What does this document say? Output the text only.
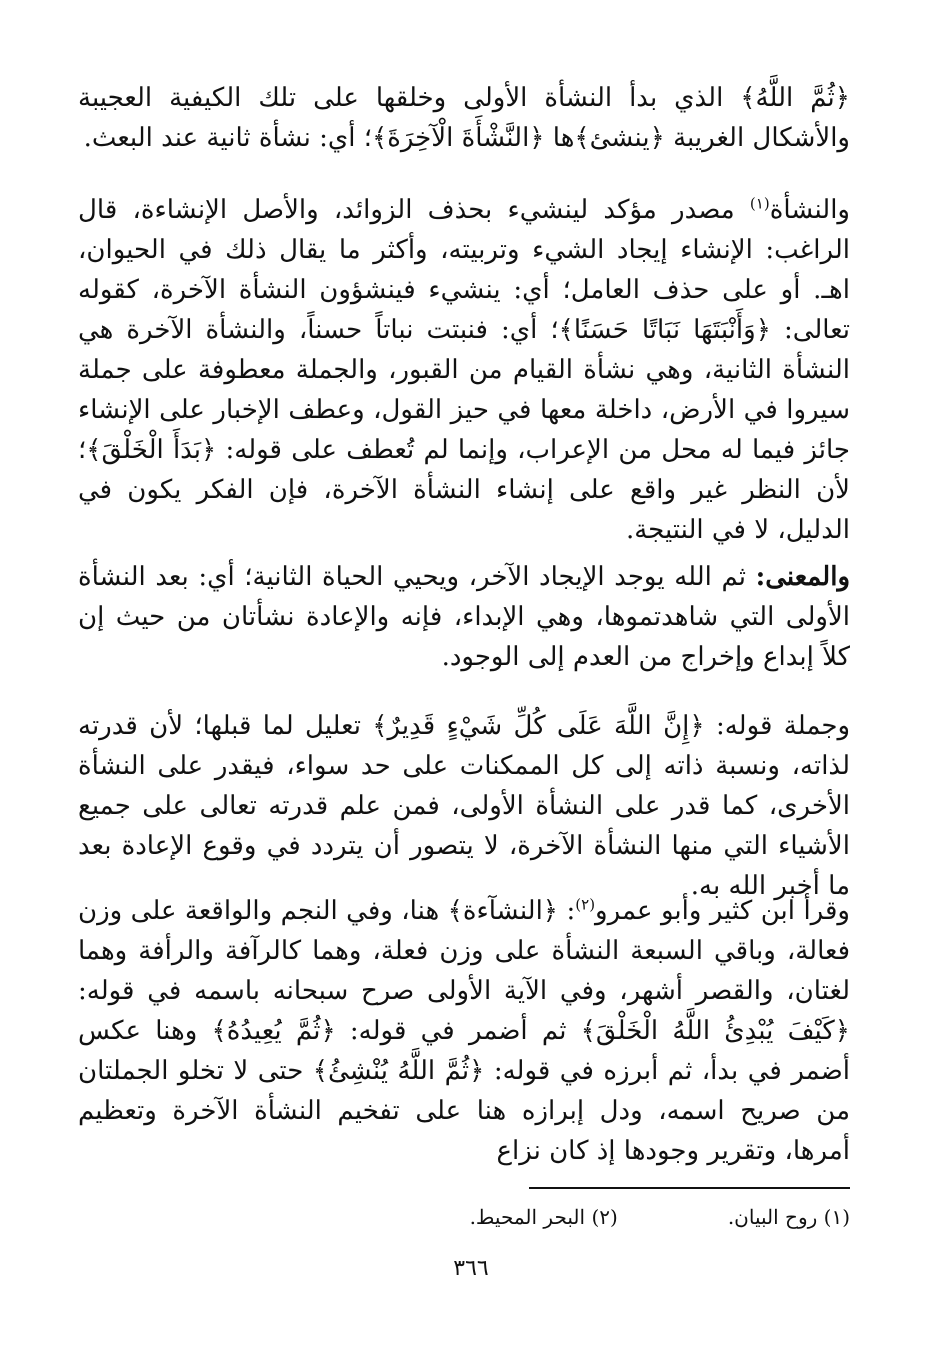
﴿ثُمَّ اللَّهُ﴾ الذي بدأ النشأة الأولى وخلقها على تلك الكيفية العجيبة والأشكال الغريبة ﴿ينشئ﴾ها ﴿النَّشْأَةَ الْآخِرَةَ﴾؛ أي: نشأة ثانية عند البعث.

والنشأة$^{(١)}$ مصدر مؤكد لينشيء بحذف الزوائد، والأصل الإنشاءة، قال الراغب: الإنشاء إيجاد الشيء وتربيته، وأكثر ما يقال ذلك في الحيوان، اهـ. أو على حذف العامل؛ أي: ينشيء فينشؤون النشأة الآخرة، كقوله تعالى: ﴿وَأَنْبَتَهَا نَبَاتًا حَسَنًا﴾؛ أي: فنبتت نباتاً حسناً، والنشأة الآخرة هي النشأة الثانية، وهي نشأة القيام من القبور، والجملة معطوفة على جملة سيروا في الأرض، داخلة معها في حيز القول، وعطف الإخبار على الإنشاء جائز فيما له محل من الإعراب، وإنما لم تُعطف على قوله: ﴿بَدَأَ الْخَلْقَ﴾؛ لأن النظر غير واقع على إنشاء النشأة الآخرة، فإن الفكر يكون في الدليل، لا في النتيجة.

والمعنى: ثم الله يوجد الإيجاد الآخر، ويحيي الحياة الثانية؛ أي: بعد النشأة الأولى التي شاهدتموها، وهي الإبداء، فإنه والإعادة نشأتان من حيث إن كلاً إبداع وإخراج من العدم إلى الوجود.

وجملة قوله: ﴿إِنَّ اللَّهَ عَلَى كُلِّ شَيْءٍ قَدِيرٌ﴾ تعليل لما قبلها؛ لأن قدرته لذاته، ونسبة ذاته إلى كل الممكنات على حد سواء، فيقدر على النشأة الأخرى، كما قدر على النشأة الأولى، فمن علم قدرته تعالى على جميع الأشياء التي منها النشأة الآخرة، لا يتصور أن يتردد في وقوع الإعادة بعد ما أخبر الله به.

وقرأ ابن كثير وأبو عمرو$^{(٢)}$: ﴿النشآءة﴾ هنا، وفي النجم والواقعة على وزن فعالة، وباقي السبعة النشأة على وزن فعلة، وهما كالرآفة والرأفة وهما لغتان، والقصر أشهر، وفي الآية الأولى صرح سبحانه باسمه في قوله: ﴿كَيْفَ يُبْدِئُ اللَّهُ الْخَلْقَ﴾ ثم أضمر في قوله: ﴿ثُمَّ يُعِيدُهُ﴾ وهنا عكس أضمر في بدأ، ثم أبرزه في قوله: ﴿ثُمَّ اللَّهُ يُنْشِئُ﴾ حتى لا تخلو الجملتان من صريح اسمه، ودل إبرازه هنا على تفخيم النشأة الآخرة وتعظيم أمرها، وتقرير وجودها إذ كان نزاع

(١) روح البيان.
(٢) البحر المحيط.
٣٦٦
